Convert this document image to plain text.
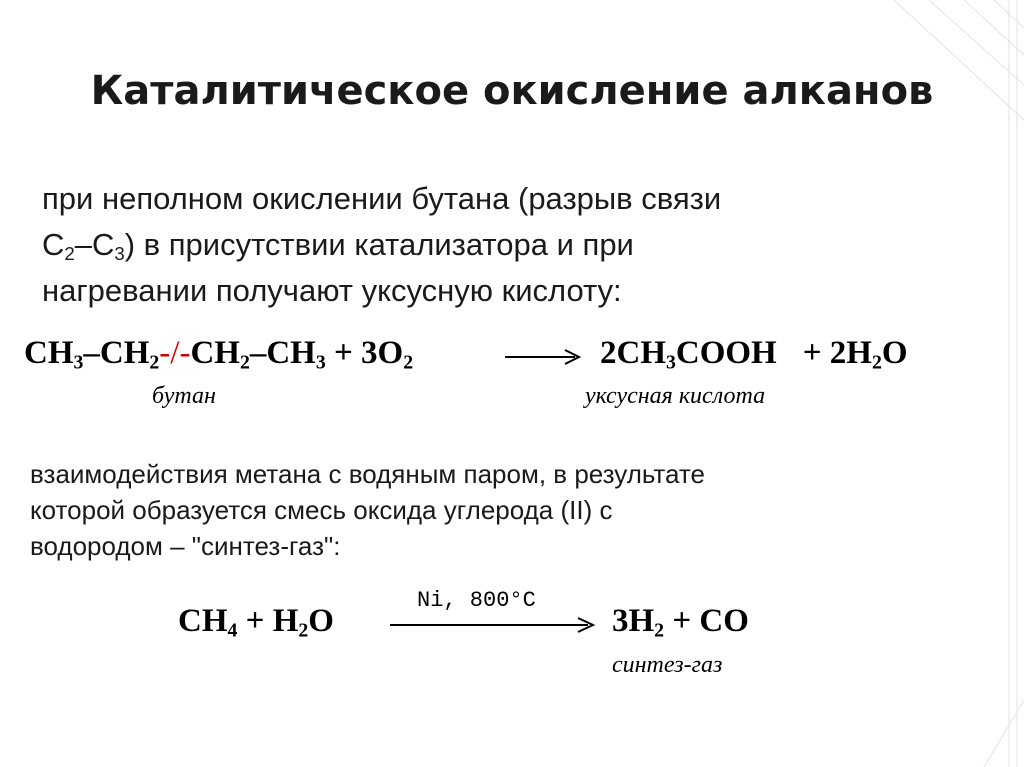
Каталитическое окисление алканов
при неполном окислении бутана (разрыв связи
$С_2-С_3$) в присутствии катализатора и при
нагревании получают уксусную кислоту:
$CH_3-CH_2-/-CH_2-CH_3 + 3O_2$	$2CH_3COOH + 2H_2O$
бутан	уксусная кислота
взаимодействия метана с водяным паром, в результате
которой образуется смесь оксида углерода (II) с
водородом – "синтез-газ":
$CH_4 + H_2O$
Ni, 800°C
$3H_2$ + CO
синтез-газ
